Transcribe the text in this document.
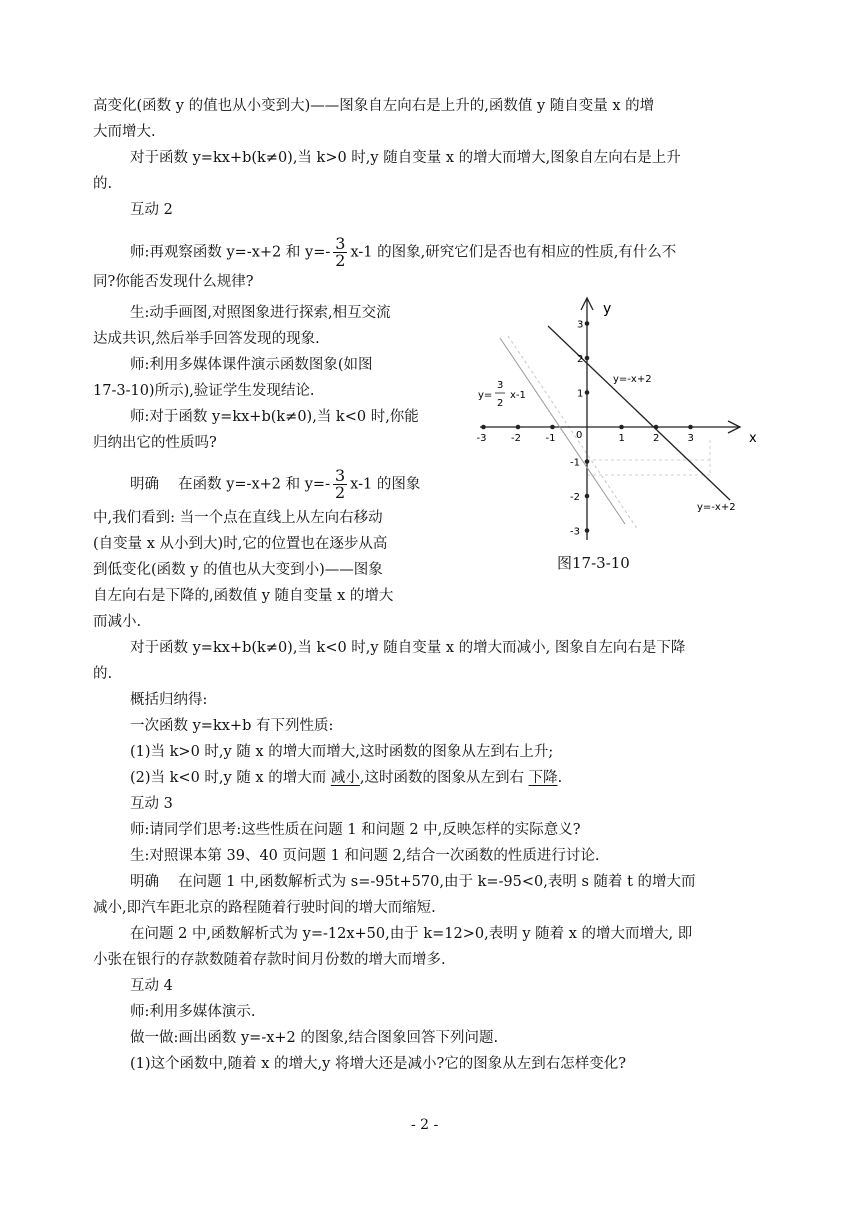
高变化(函数 y 的值也从小变到大)——图象自左向右是上升的,函数值 y 随自变量 x 的增
大而增大.
对于函数 y=kx+b(k≠0),当 k>0 时,y 随自变量 x 的增大而增大,图象自左向右是上升
的.
互动 2
师:再观察函数 y=-x+2 和 $y=- \frac{3}{2} x-1$ 的图象,研究它们是否也有相应的性质,有什么不
同?你能否发现什么规律?
生:动手画图,对照图象进行探索,相互交流
达成共识,然后举手回答发现的现象.
师:利用多媒体课件演示函数图象(如图
17-3-10)所示),验证学生发现结论.
师:对于函数 y=kx+b(k≠0),当 k<0 时,你能
归纳出它的性质吗?
明确　 在函数 y=-x+2 和 $y=- \frac{3}{2} x-1$ 的图象
中,我们看到: 当一个点在直线上从左向右移动
(自变量 x 从小到大)时,它的位置也在逐步从高
到低变化(函数 y 的值也从大变到小)——图象
自左向右是下降的,函数值 y 随自变量 x 的增大
而减小.
对于函数 y=kx+b(k≠0),当 k<0 时,y 随自变量 x 的增大而减小, 图象自左向右是下降
的.
概括归纳得:
一次函数 y=kx+b 有下列性质:
(1)当 k>0 时,y 随 x 的增大而增大,这时函数的图象从左到右上升;
(2)当 k<0 时,y 随 x 的增大而 减小,这时函数的图象从左到右 下降.
互动 3
师:请同学们思考:这些性质在问题 1 和问题 2 中,反映怎样的实际意义?
生:对照课本第 39、40 页问题 1 和问题 2,结合一次函数的性质进行讨论.
明确　 在问题 1 中,函数解析式为 s=-95t+570,由于 k=-95<0,表明 s 随着 t 的增大而
减小,即汽车距北京的路程随着行驶时间的增大而缩短.
在问题 2 中,函数解析式为 y=-12x+50,由于 k=12>0,表明 y 随着 x 的增大而增大, 即
小张在银行的存款数随着存款时间月份数的增大而增多.
互动 4
师:利用多媒体演示.
做一做:画出函数 y=-x+2 的图象,结合图象回答下列问题.
(1)这个函数中,随着 x 的增大,y 将增大还是减小?它的图象从左到右怎样变化?
-3 -2 -1	1	2	3
3
2
1
-1
-2
-3
x
y
0
y=-x+2
y=-x+2
y=
3
2
x-1
图17-3-10
- 2 -
